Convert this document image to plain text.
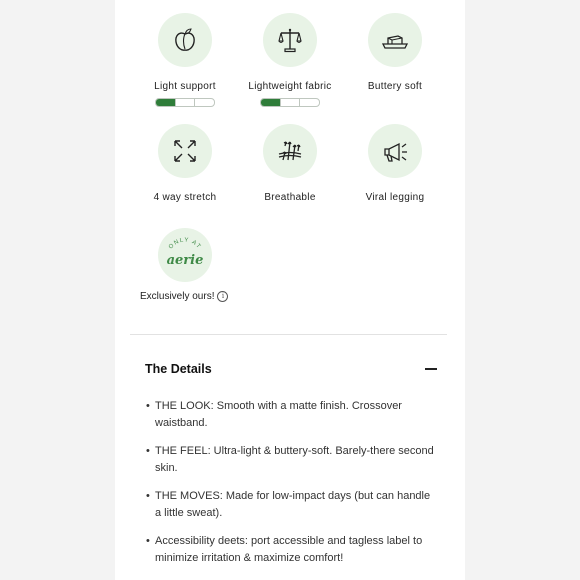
Light support	Lightweight fabric	Buttery soft
4 way stretch	Breathable	Viral legging
ONLY AT
aerie
Exclusively ours!	i
The Details
• THE LOOK: Smooth with a matte finish. Crossover waistband.
• THE FEEL: Ultra-light & buttery-soft. Barely-there second skin.
• THE MOVES: Made for low-impact days (but can handle a little sweat).
• Accessibility deets: port accessible and tagless label to minimize irritation & maximize comfort!
